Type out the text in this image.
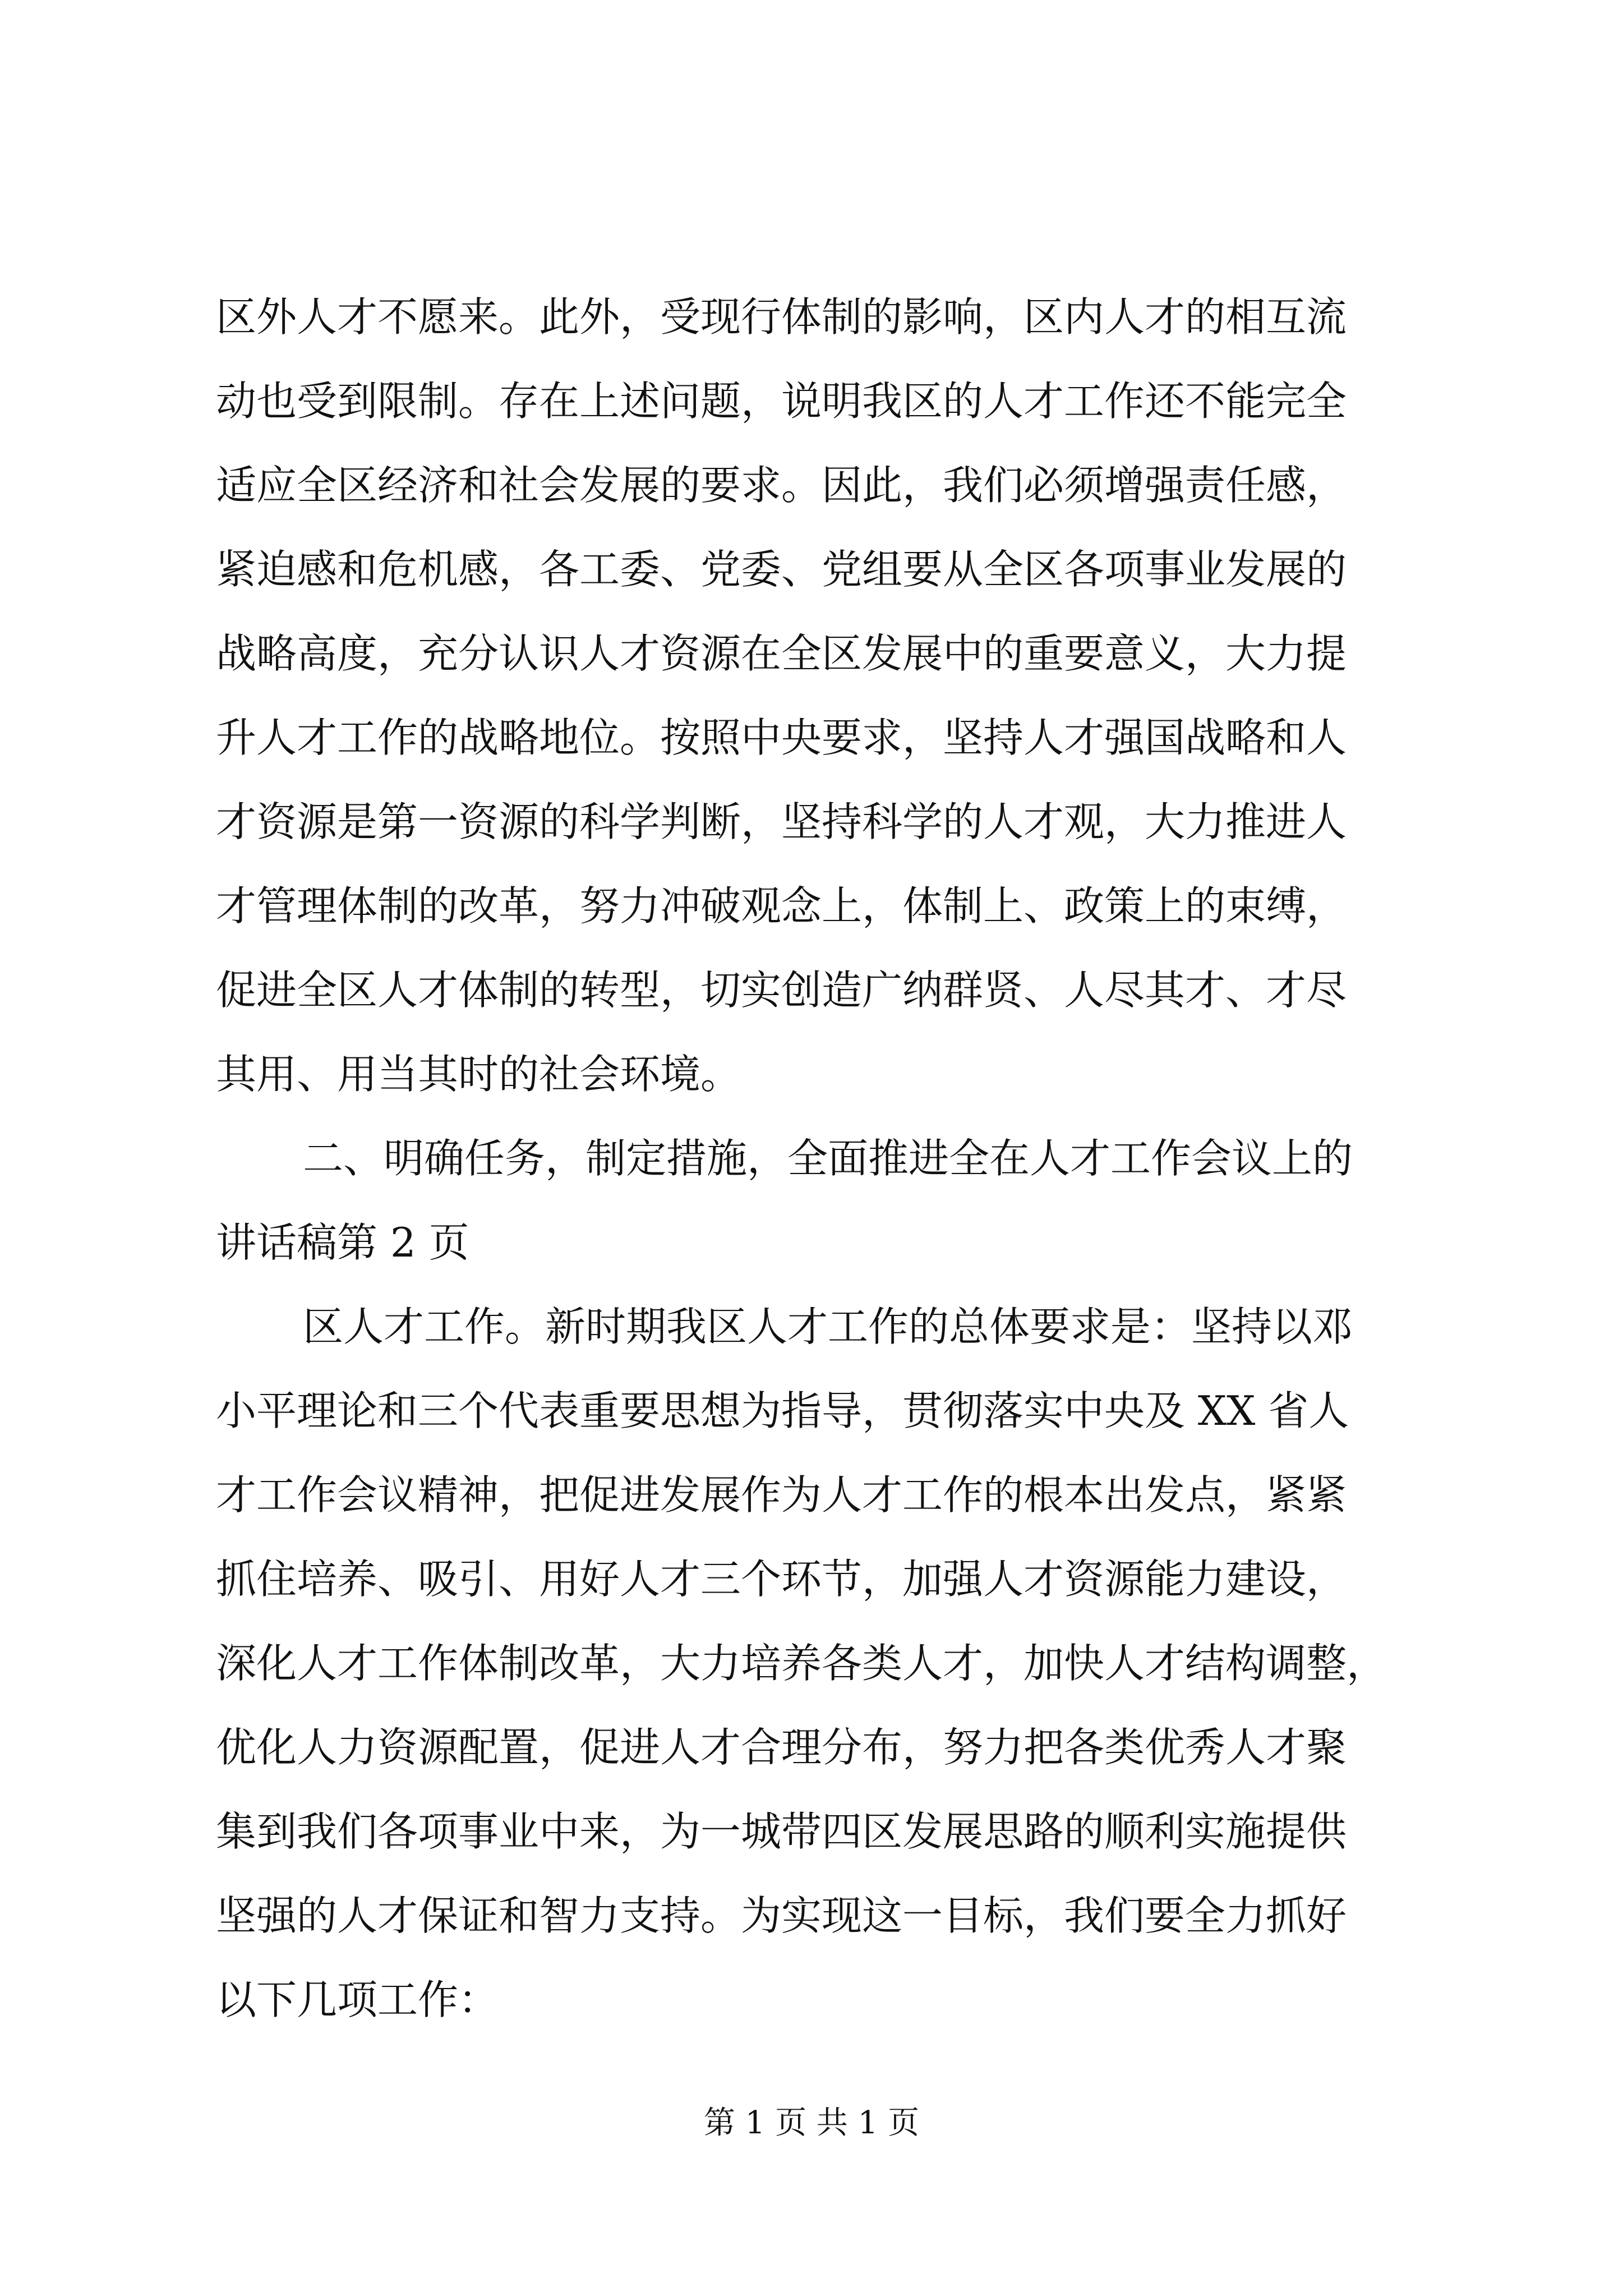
区外人才不愿来。此外，受现行体制的影响，区内人才的相互流
动也受到限制。存在上述问题，说明我区的人才工作还不能完全
适应全区经济和社会发展的要求。因此，我们必须增强责任感，
紧迫感和危机感，各工委、党委、党组要从全区各项事业发展的
战略高度，充分认识人才资源在全区发展中的重要意义，大力提
升人才工作的战略地位。按照中央要求，坚持人才强国战略和人
才资源是第一资源的科学判断，坚持科学的人才观，大力推进人
才管理体制的改革，努力冲破观念上，体制上、政策上的束缚，
促进全区人才体制的转型，切实创造广纳群贤、人尽其才、才尽
其用、用当其时的社会环境。
二、明确任务，制定措施，全面推进全在人才工作会议上的
讲话稿第 2 页
区人才工作。新时期我区人才工作的总体要求是：坚持以邓
小平理论和三个代表重要思想为指导，贯彻落实中央及 XX 省人
才工作会议精神，把促进发展作为人才工作的根本出发点，紧紧
抓住培养、吸引、用好人才三个环节，加强人才资源能力建设，
深化人才工作体制改革，大力培养各类人才，加快人才结构调整，
优化人力资源配置，促进人才合理分布，努力把各类优秀人才聚
集到我们各项事业中来，为一城带四区发展思路的顺利实施提供
坚强的人才保证和智力支持。为实现这一目标，我们要全力抓好
以下几项工作：
第 1 页 共 1 页
